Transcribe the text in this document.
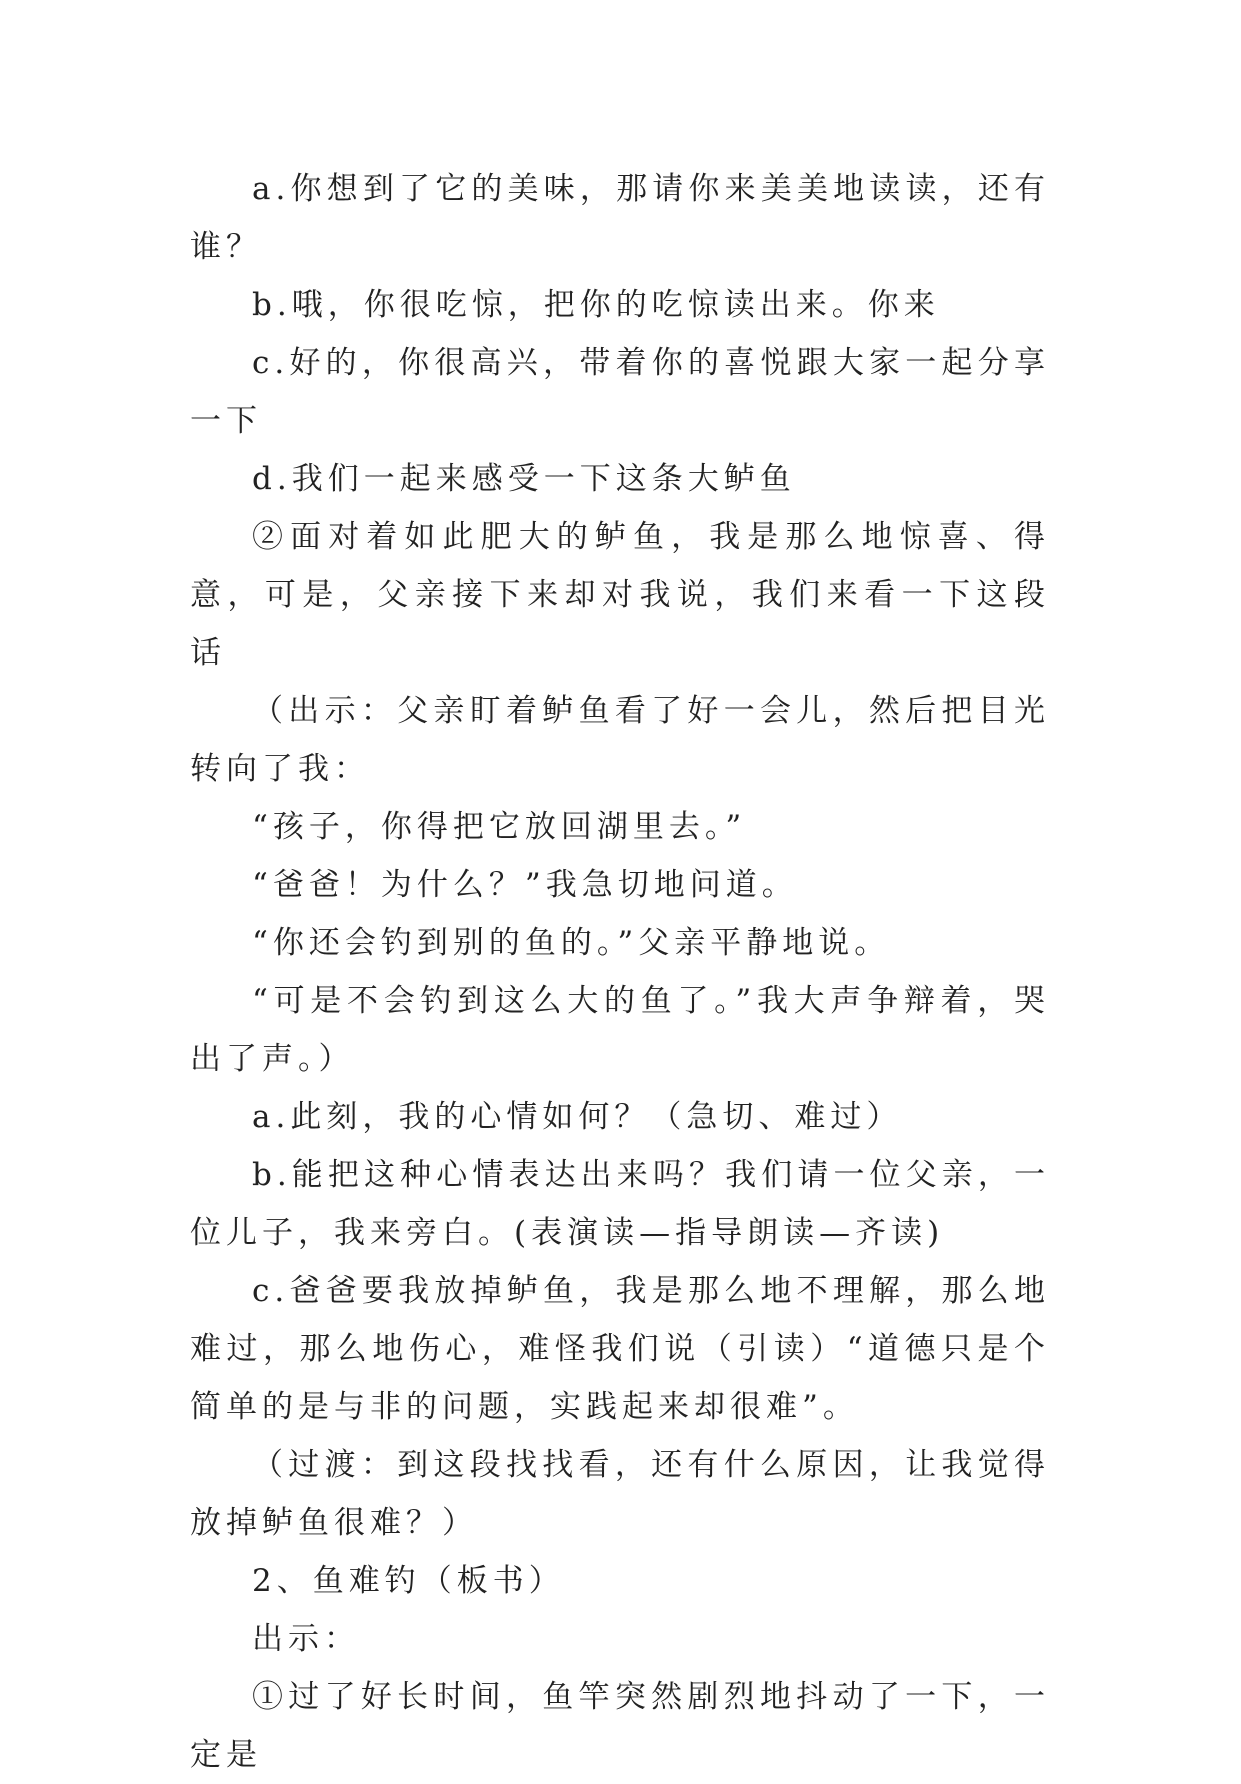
a.你想到了它的美味，那请你来美美地读读，还有谁？

b.哦，你很吃惊，把你的吃惊读出来。你来

c.好的，你很高兴，带着你的喜悦跟大家一起分享一下

d.我们一起来感受一下这条大鲈鱼

②面对着如此肥大的鲈鱼，我是那么地惊喜、得意，可是，父亲接下来却对我说，我们来看一下这段话

（出示：父亲盯着鲈鱼看了好一会儿，然后把目光转向了我：

“孩子，你得把它放回湖里去。”

“爸爸！为什么？”我急切地问道。

“你还会钓到别的鱼的。”父亲平静地说。

“可是不会钓到这么大的鱼了。”我大声争辩着，哭出了声。）

a.此刻，我的心情如何？（急切、难过）

b.能把这种心情表达出来吗？我们请一位父亲，一位儿子，我来旁白。(表演读—指导朗读—齐读)

c.爸爸要我放掉鲈鱼，我是那么地不理解，那么地难过，那么地伤心，难怪我们说（引读）“道德只是个简单的是与非的问题，实践起来却很难”。

（过渡：到这段找找看，还有什么原因，让我觉得放掉鲈鱼很难？）

2、鱼难钓（板书）

出示：

①过了好长时间，鱼竿突然剧烈地抖动了一下，一定是
